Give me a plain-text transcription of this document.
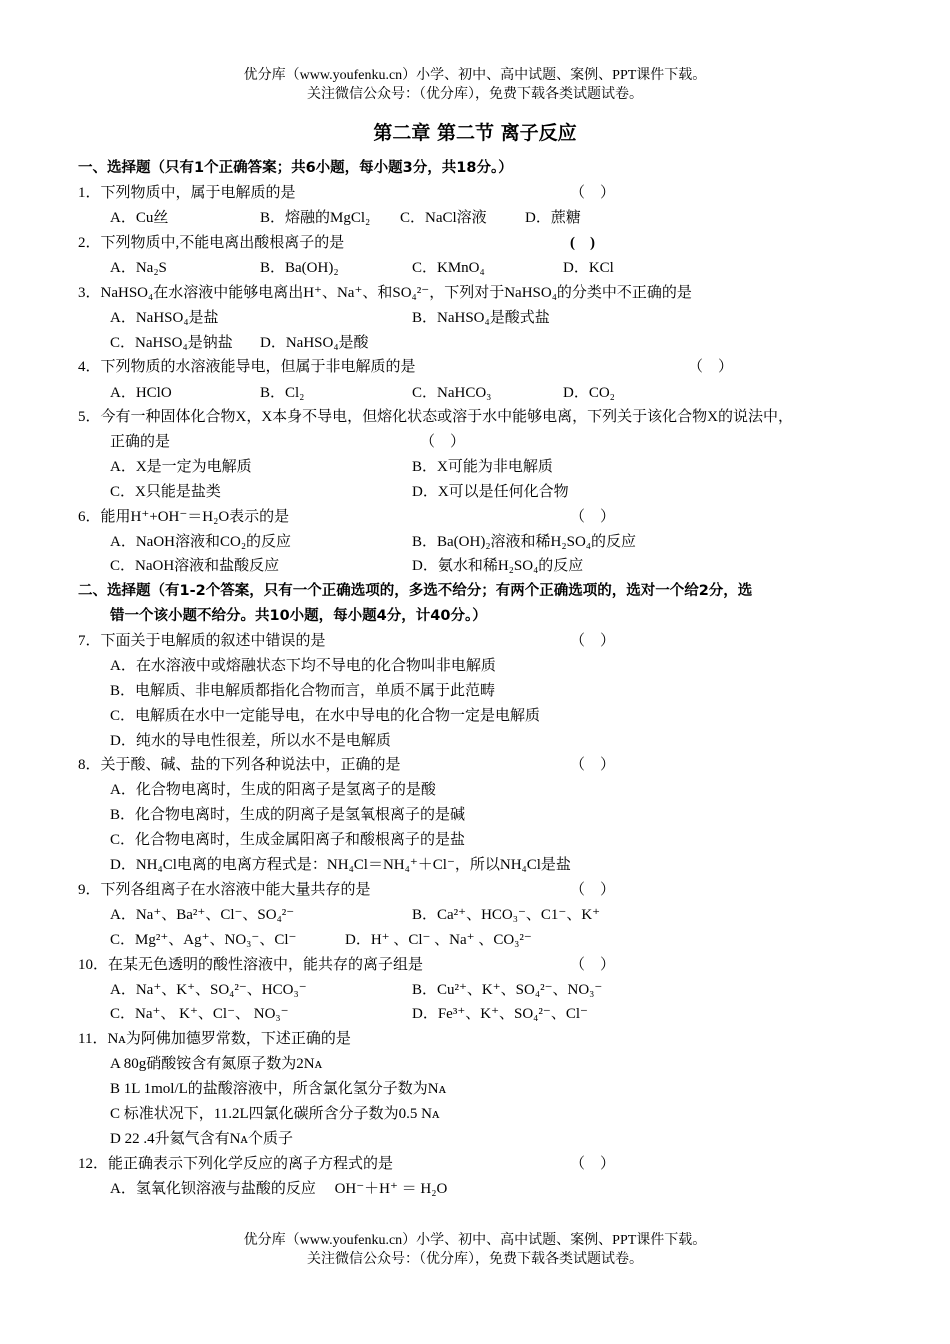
优分库（www.youfenku.cn）小学、初中、高中试题、案例、PPT课件下载。
关注微信公众号：（优分库），免费下载各类试题试卷。
第二章 第二节 离子反应
一、选择题（只有1个正确答案；共6小题，每小题3分，共18分。）
1．下列物质中，属于电解质的是	（　）
A．Cu丝	B．熔融的MgCl₂ C．NaCl溶液	D．蔗糖
2．下列物质中,不能电离出酸根离子的是	(　)
A．Na₂S	B．Ba(OH)₂	C．KMnO₄	D．KCl
3．NaHSO₄在水溶液中能够电离出H⁺、Na⁺、和SO₄²⁻，下列对于NaHSO₄的分类中不正确的是
A．NaHSO₄是盐	B．NaHSO₄是酸式盐
C．NaHSO₄是钠盐 D．NaHSO₄是酸
4．下列物质的水溶液能导电，但属于非电解质的是	（　）
A．HClO	B．Cl₂	C．NaHCO₃	D．CO₂
5．今有一种固体化合物X，X本身不导电，但熔化状态或溶于水中能够电离，下列关于该化合物X的说法中，
正确的是	（　）
A．X是一定为电解质	B．X可能为非电解质
C．X只能是盐类	D．X可以是任何化合物
6．能用H⁺+OH⁻＝H₂O表示的是	（　）
A．NaOH溶液和CO₂的反应	B．Ba(OH)₂溶液和稀H₂SO₄的反应
C．NaOH溶液和盐酸反应	D．氨水和稀H₂SO₄的反应
二、选择题（有1-2个答案，只有一个正确选项的，多选不给分；有两个正确选项的，选对一个给2分，选
错一个该小题不给分。共10小题，每小题4分，计40分。）
7．下面关于电解质的叙述中错误的是	（　）
A．在水溶液中或熔融状态下均不导电的化合物叫非电解质
B．电解质、非电解质都指化合物而言，单质不属于此范畴
C．电解质在水中一定能导电，在水中导电的化合物一定是电解质
D．纯水的导电性很差，所以水不是电解质
8．关于酸、碱、盐的下列各种说法中，正确的是	（　）
A．化合物电离时，生成的阳离子是氢离子的是酸
B．化合物电离时，生成的阴离子是氢氧根离子的是碱
C．化合物电离时，生成金属阳离子和酸根离子的是盐
D．NH₄Cl电离的电离方程式是：NH₄Cl＝NH₄⁺＋Cl⁻，所以NH₄Cl是盐
9．下列各组离子在水溶液中能大量共存的是	（　）
A．Na⁺、Ba²⁺、Cl⁻、SO₄²⁻	B．Ca²⁺、HCO₃⁻、C1⁻、K⁺
C．Mg²⁺、Ag⁺、NO₃⁻、Cl⁻	D．H⁺ 、Cl⁻ 、Na⁺ 、CO₃²⁻
10．在某无色透明的酸性溶液中，能共存的离子组是	（　）
A．Na⁺、K⁺、SO₄²⁻、HCO₃⁻	B．Cu²⁺、K⁺、SO₄²⁻、NO₃⁻
C．Na⁺、 K⁺、Cl⁻、 NO₃⁻	D．Fe³⁺、K⁺、SO₄²⁻、Cl⁻
11．Nᴀ为阿佛加德罗常数，下述正确的是
A 80g硝酸铵含有氮原子数为2Nᴀ
B 1L 1mol/L的盐酸溶液中，所含氯化氢分子数为Nᴀ
C 标准状况下，11.2L四氯化碳所含分子数为0.5 Nᴀ
D 22 .4升氦气含有Nᴀ个质子
12．能正确表示下列化学反应的离子方程式的是	（　）
A．氢氧化钡溶液与盐酸的反应　 OH⁻＋H⁺ ＝ H₂O
优分库（www.youfenku.cn）小学、初中、高中试题、案例、PPT课件下载。
关注微信公众号：（优分库），免费下载各类试题试卷。
